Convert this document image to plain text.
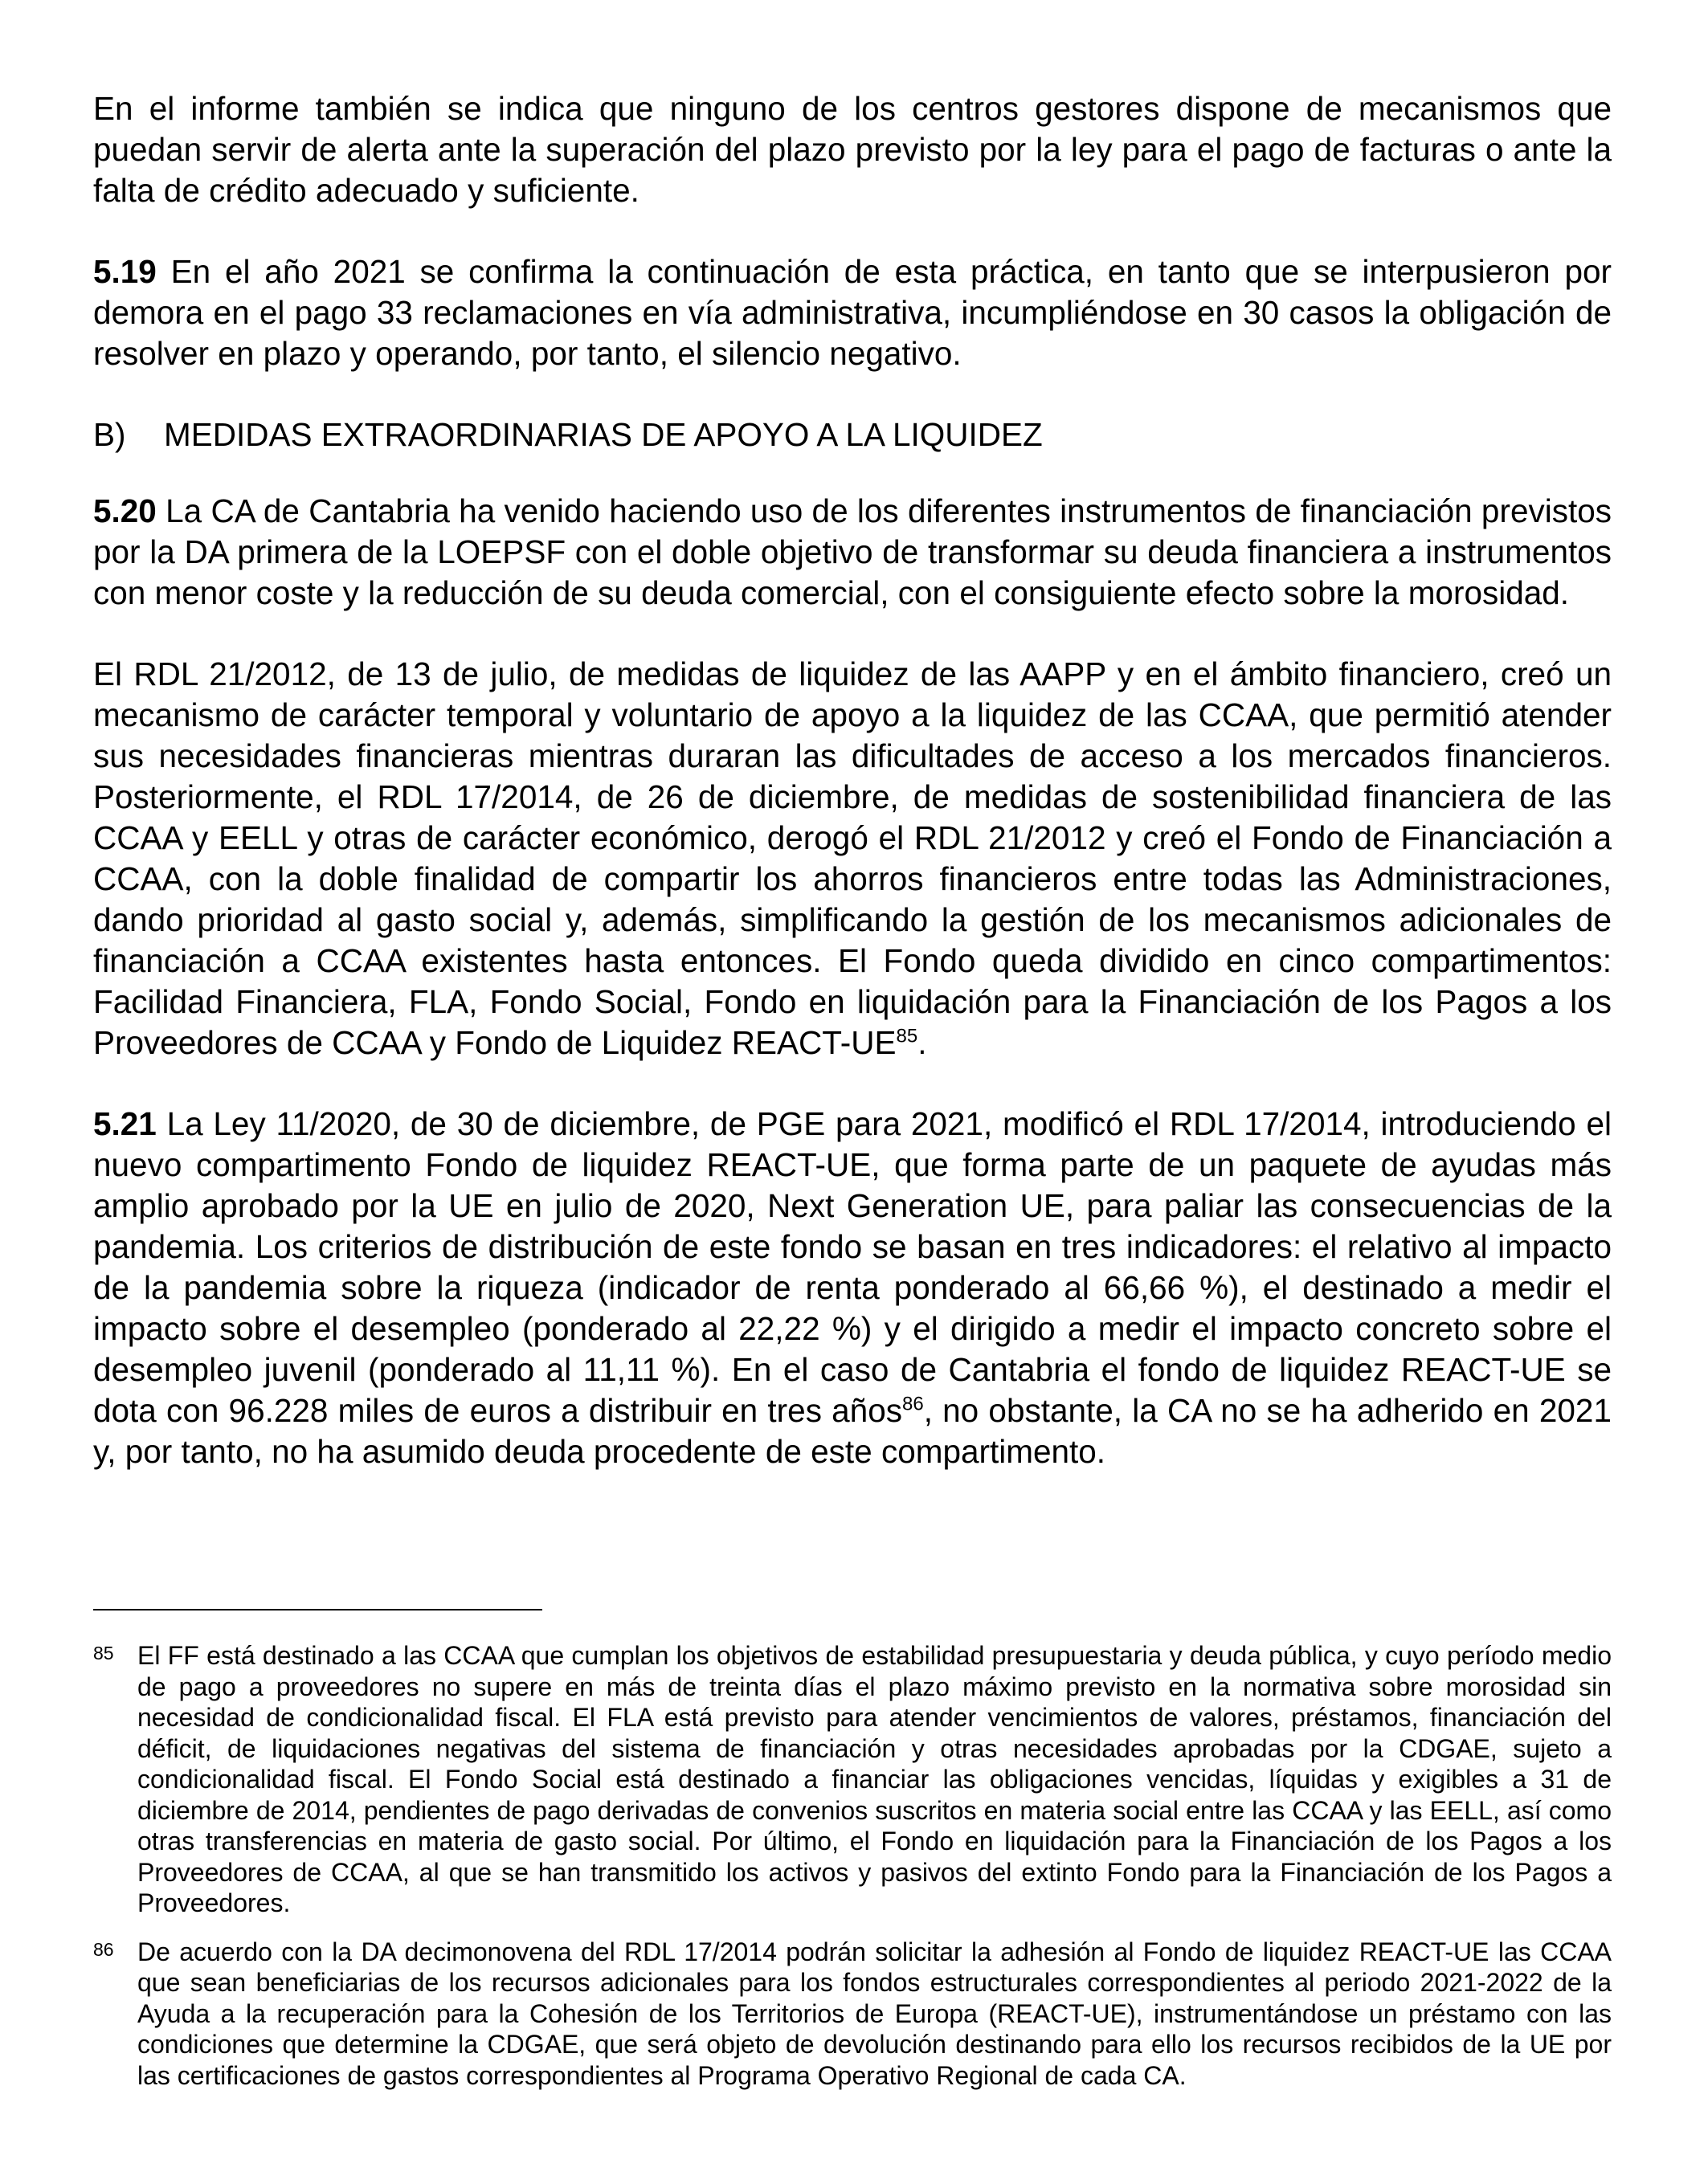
En el informe también se indica que ninguno de los centros gestores dispone de mecanismos que puedan servir de alerta ante la superación del plazo previsto por la ley para el pago de facturas o ante la falta de crédito adecuado y suficiente.

5.19 En el año 2021 se confirma la continuación de esta práctica, en tanto que se interpusieron por demora en el pago 33 reclamaciones en vía administrativa, incumpliéndose en 30 casos la obligación de resolver en plazo y operando, por tanto, el silencio negativo.

B) MEDIDAS EXTRAORDINARIAS DE APOYO A LA LIQUIDEZ

5.20 La CA de Cantabria ha venido haciendo uso de los diferentes instrumentos de financiación previstos por la DA primera de la LOEPSF con el doble objetivo de transformar su deuda financiera a instrumentos con menor coste y la reducción de su deuda comercial, con el consiguiente efecto sobre la morosidad.

El RDL 21/2012, de 13 de julio, de medidas de liquidez de las AAPP y en el ámbito financiero, creó un mecanismo de carácter temporal y voluntario de apoyo a la liquidez de las CCAA, que permitió atender sus necesidades financieras mientras duraran las dificultades de acceso a los mercados financieros. Posteriormente, el RDL 17/2014, de 26 de diciembre, de medidas de sostenibilidad financiera de las CCAA y EELL y otras de carácter económico, derogó el RDL 21/2012 y creó el Fondo de Financiación a CCAA, con la doble finalidad de compartir los ahorros financieros entre todas las Administraciones, dando prioridad al gasto social y, además, simplificando la gestión de los mecanismos adicionales de financiación a CCAA existentes hasta entonces. El Fondo queda dividido en cinco compartimentos: Facilidad Financiera, FLA, Fondo Social, Fondo en liquidación para la Financiación de los Pagos a los Proveedores de CCAA y Fondo de Liquidez REACT-UE$^{85}$.

5.21 La Ley 11/2020, de 30 de diciembre, de PGE para 2021, modificó el RDL 17/2014, introduciendo el nuevo compartimento Fondo de liquidez REACT-UE, que forma parte de un paquete de ayudas más amplio aprobado por la UE en julio de 2020, Next Generation UE, para paliar las consecuencias de la pandemia. Los criterios de distribución de este fondo se basan en tres indicadores: el relativo al impacto de la pandemia sobre la riqueza (indicador de renta ponderado al 66,66 %), el destinado a medir el impacto sobre el desempleo (ponderado al 22,22 %) y el dirigido a medir el impacto concreto sobre el desempleo juvenil (ponderado al 11,11 %). En el caso de Cantabria el fondo de liquidez REACT-UE se dota con 96.228 miles de euros a distribuir en tres años$^{86}$, no obstante, la CA no se ha adherido en 2021 y, por tanto, no ha asumido deuda procedente de este compartimento.

85 El FF está destinado a las CCAA que cumplan los objetivos de estabilidad presupuestaria y deuda pública, y cuyo período medio de pago a proveedores no supere en más de treinta días el plazo máximo previsto en la normativa sobre morosidad sin necesidad de condicionalidad fiscal. El FLA está previsto para atender vencimientos de valores, préstamos, financiación del déficit, de liquidaciones negativas del sistema de financiación y otras necesidades aprobadas por la CDGAE, sujeto a condicionalidad fiscal. El Fondo Social está destinado a financiar las obligaciones vencidas, líquidas y exigibles a 31 de diciembre de 2014, pendientes de pago derivadas de convenios suscritos en materia social entre las CCAA y las EELL, así como otras transferencias en materia de gasto social. Por último, el Fondo en liquidación para la Financiación de los Pagos a los Proveedores de CCAA, al que se han transmitido los activos y pasivos del extinto Fondo para la Financiación de los Pagos a Proveedores.

86 De acuerdo con la DA decimonovena del RDL 17/2014 podrán solicitar la adhesión al Fondo de liquidez REACT-UE las CCAA que sean beneficiarias de los recursos adicionales para los fondos estructurales correspondientes al periodo 2021-2022 de la Ayuda a la recuperación para la Cohesión de los Territorios de Europa (REACT-UE), instrumentándose un préstamo con las condiciones que determine la CDGAE, que será objeto de devolución destinando para ello los recursos recibidos de la UE por las certificaciones de gastos correspondientes al Programa Operativo Regional de cada CA.
